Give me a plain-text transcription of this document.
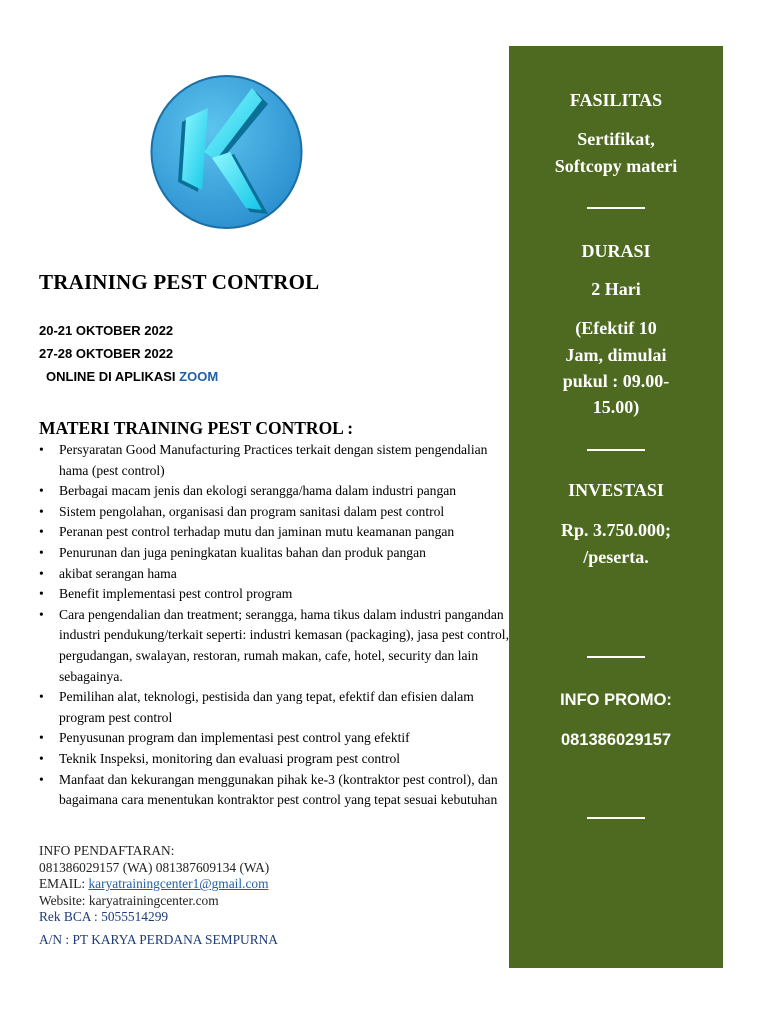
TRAINING PEST CONTROL
20-21 OKTOBER 2022
27-28 OKTOBER 2022
ONLINE DI APLIKASI ZOOM
MATERI TRAINING PEST CONTROL :
• Persyaratan Good Manufacturing Practices terkait dengan sistem pengendalian hama (pest control)
• Berbagai macam jenis dan ekologi serangga/hama dalam industri pangan
• Sistem pengolahan, organisasi dan program sanitasi dalam pest control
• Peranan pest control terhadap mutu dan jaminan mutu keamanan pangan
• Penurunan dan juga peningkatan kualitas bahan dan produk pangan
• akibat serangan hama
• Benefit implementasi pest control program
• Cara pengendalian dan treatment; serangga, hama tikus dalam industri pangandan industri pendukung/terkait seperti: industri kemasan (packaging), jasa pest control, pergudangan, swalayan, restoran, rumah makan, cafe, hotel, security dan lain sebagainya.
• Pemilihan alat, teknologi, pestisida dan yang tepat, efektif dan efisien dalam program pest control
• Penyusunan program dan implementasi pest control yang efektif
• Teknik Inspeksi, monitoring dan evaluasi program pest control
• Manfaat dan kekurangan menggunakan pihak ke-3 (kontraktor pest control), dan bagaimana cara menentukan kontraktor pest control yang tepat sesuai kebutuhan
INFO PENDAFTARAN:
081386029157 (WA) 081387609134 (WA)
EMAIL: karyatrainingcenter1@gmail.com
Website: karyatrainingcenter.com
Rek BCA : 5055514299
A/N : PT KARYA PERDANA SEMPURNA
FASILITAS
Sertifikat,
Softcopy materi
DURASI
2 Hari
(Efektif 10
Jam, dimulai
pukul : 09.00-
15.00)
INVESTASI
Rp. 3.750.000;
/peserta.
INFO PROMO:
081386029157
